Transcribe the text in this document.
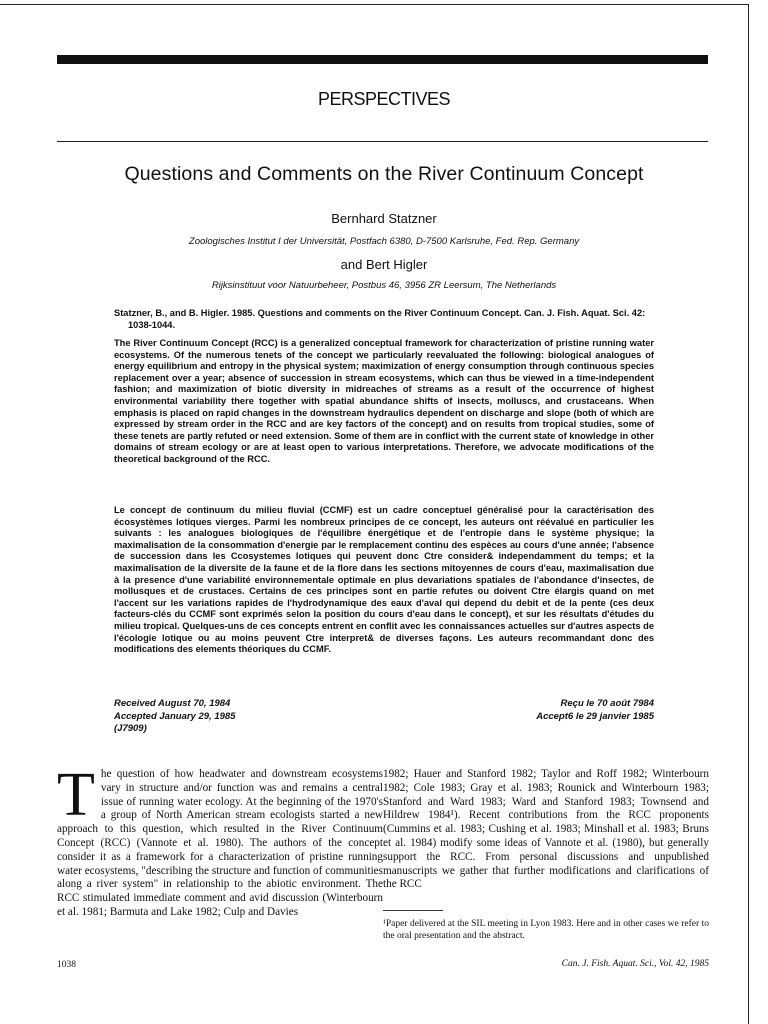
PERSPECTIVES
Questions and Comments on the River Continuum Concept
Bernhard Statzner
Zoologisches Institut I der Universität, Postfach 6380, D-7500 Karlsruhe, Fed. Rep. Germany
and Bert Higler
Rijksinstituut voor Natuurbeheer, Postbus 46, 3956 ZR Leersum, The Netherlands
Statzner, B., and B. Higler. 1985. Questions and comments on the River Continuum Concept. Can. J. Fish. Aquat. Sci. 42: 1038-1044.

The River Continuum Concept (RCC) is a generalized conceptual framework for characterization of pristine running water ecosystems. Of the numerous tenets of the concept we particularly reevaluated the following: biological analogues of energy equilibrium and entropy in the physical system; maximization of energy consumption through continuous species replacement over a year; absence of succession in stream ecosystems, which can thus be viewed in a time-independent fashion; and maximization of biotic diversity in midreaches of streams as a result of the occurrence of highest environmental variability there together with spatial abundance shifts of insects, molluscs, and crustaceans. When emphasis is placed on rapid changes in the downstream hydraulics dependent on discharge and slope (both of which are expressed by stream order in the RCC and are key factors of the concept) and on results from tropical studies, some of these tenets are partly refuted or need extension. Some of them are in conflict with the current state of knowledge in other domains of stream ecology or are at least open to various interpretations. Therefore, we advocate modifications of the theoretical background of the RCC.

Le concept de continuum du milieu fluvial (CCMF) est un cadre conceptuel généralisé pour la caractérisation des écosystèmes lotiques vierges. Parmi les nombreux principes de ce concept, les auteurs ont réévalué en particulier les suivants : les analogues biologiques de l'équilibre énergétique et de l'entropie dans le système physique; la maximalisation de la consommation d'energie par le remplacement continu des espèces au cours d'une année; l'absence de succession dans les Ccosystemes lotiques qui peuvent donc Ctre consider& independamment du temps; et la maximalisation de la diversite de la faune et de la flore dans les sections mitoyennes de cours d'eau, maximalisation due à la presence d'une variabilité environnementale optimale en plus devariations spatiales de l'abondance d'insectes, de mollusques et de crustaces. Certains de ces principes sont en partie refutes ou doivent Ctre élargis quand on met l'accent sur les variations rapides de l'hydrodynamique des eaux d'aval qui depend du debit et de la pente (ces deux facteurs-clés du CCMF sont exprimés selon la position du cours d'eau dans le concept), et sur les résultats d'études du milieu tropical. Quelques-uns de ces concepts entrent en conflit avec les connaissances actuelles sur d'autres aspects de l'écologie lotique ou au moins peuvent Ctre interpret& de diverses façons. Les auteurs recommandant donc des modifications des elements théoriques du CCMF.

Received August 70, 1984
Accepted January 29, 1985
(J7909)
Reçu le 70 août 7984
Accept6 le 29 janvier 1985

T he question of how headwater and downstream ecosystems vary in structure and/or function was and remains a central issue of running water ecology. At the beginning of the 1970's a group of North American stream ecologists started a new approach to this question, which resulted in the River Continuum Concept (RCC) (Vannote et al. 1980). The authors of the concept consider it as a framework for a characterization of pristine running water ecosystems, "describing the structure and function of communities along a river system" in relationship to the abiotic environment. The RCC stimulated immediate comment and avid discussion (Winterbourn et al. 1981; Barmuta and Lake 1982; Culp and Davies

1982; Hauer and Stanford 1982; Taylor and Roff 1982; Winterbourn 1982; Cole 1983; Gray et al. 1983; Rounick and Winterbourn 1983; Stanford and Ward 1983; Ward and Stanford 1983; Townsend and Hildrew 1984¹). Recent contributions from the RCC proponents (Cummins et al. 1983; Cushing et al. 1983; Minshall et al. 1983; Bruns et al. 1984) modify some ideas of Vannote et al. (1980), but generally support the RCC. From personal discussions and unpublished manuscripts we gather that further modifications and clarifications of the RCC

¹Paper delivered at the SIL meeting in Lyon 1983. Here and in other cases we refer to the oral presentation and the abstract.
1038	Can. J. Fish. Aquat. Sci., Vol. 42, 1985
